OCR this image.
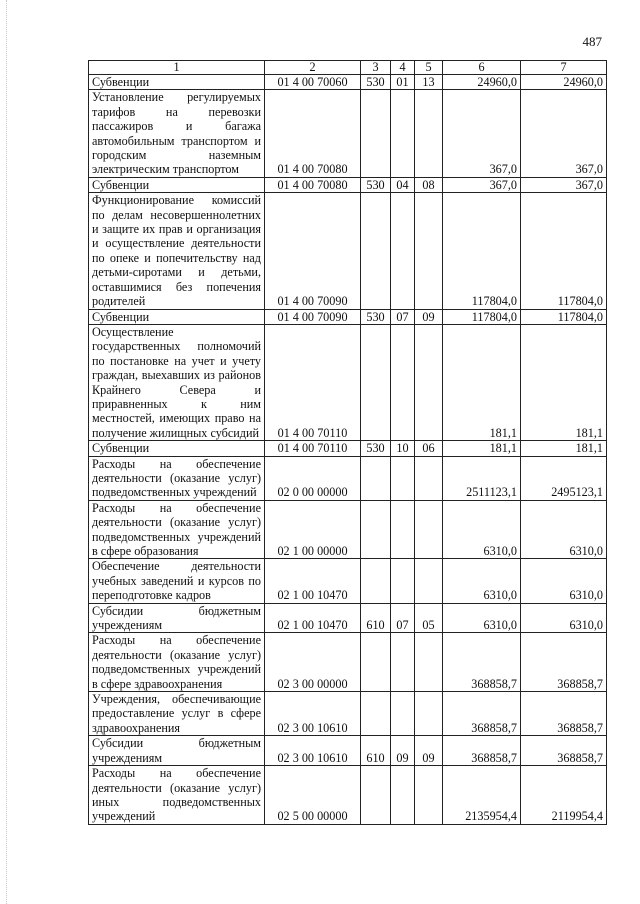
487
1	2	3	4	5	6	7
Субвенции	01 4 00 70060	530	01	13	24960,0	24960,0
Установление регулируемых тарифов на перевозки пассажиров и багажа автомобильным транспортом и городским наземным электрическим транспортом	01 4 00 70080				367,0	367,0
Субвенции	01 4 00 70080	530	04	08	367,0	367,0
Функционирование комиссий по делам несовершеннолетних и защите их прав и организация и осуществление деятельности по опеке и попечительству над детьми-сиротами и детьми, оставшимися без попечения родителей	01 4 00 70090				117804,0	117804,0
Субвенции	01 4 00 70090	530	07	09	117804,0	117804,0
Осуществление государственных полномочий по постановке на учет и учету граждан, выехавших из районов Крайнего Севера и приравненных к ним местностей, имеющих право на получение жилищных субсидий	01 4 00 70110				181,1	181,1
Субвенции	01 4 00 70110	530	10	06	181,1	181,1
Расходы на обеспечение деятельности (оказание услуг) подведомственных учреждений	02 0 00 00000				2511123,1	2495123,1
Расходы на обеспечение деятельности (оказание услуг) подведомственных учреждений в сфере образования	02 1 00 00000				6310,0	6310,0
Обеспечение деятельности учебных заведений и курсов по переподготовке кадров	02 1 00 10470				6310,0	6310,0
Субсидии бюджетным учреждениям	02 1 00 10470	610	07	05	6310,0	6310,0
Расходы на обеспечение деятельности (оказание услуг) подведомственных учреждений в сфере здравоохранения	02 3 00 00000				368858,7	368858,7
Учреждения, обеспечивающие предоставление услуг в сфере здравоохранения	02 3 00 10610				368858,7	368858,7
Субсидии бюджетным учреждениям	02 3 00 10610	610	09	09	368858,7	368858,7
Расходы на обеспечение деятельности (оказание услуг) иных подведомственных учреждений	02 5 00 00000				2135954,4	2119954,4
